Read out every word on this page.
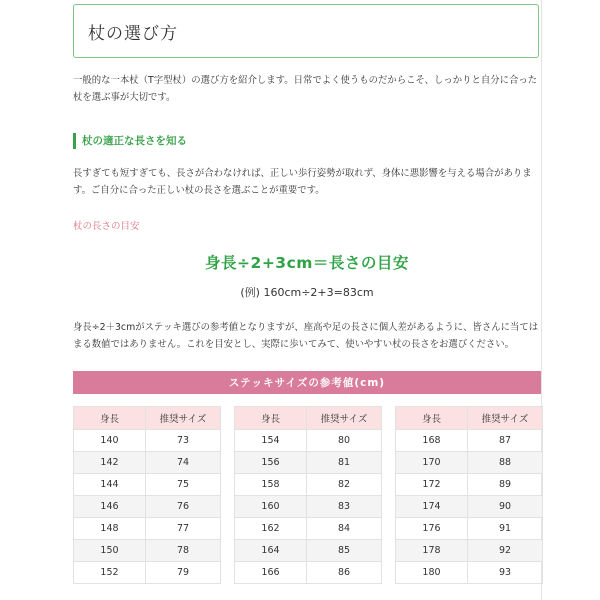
杖の選び方
一般的な一本杖（T字型杖）の選び方を紹介します。日常でよく使うものだからこそ、しっかりと自分に合った杖を選ぶ事が大切です。
杖の適正な長さを知る
長すぎても短すぎても、長さが合わなければ、正しい歩行姿勢が取れず、身体に悪影響を与える場合があります。ご自分に合った正しい杖の長さを選ぶことが重要です。
杖の長さの目安
身長÷2+3cm＝長さの目安
(例) 160cm÷2+3=83cm
身長÷2＋3cmがステッキ選びの参考値となりますが、座高や足の長さに個人差があるように、皆さんに当てはまる数値ではありません。これを目安とし、実際に歩いてみて、使いやすい杖の長さをお選びください。
ステッキサイズの参考値(cm)
身長	推奨サイズ
140	73
142	74
144	75
146	76
148	77
150	78
152	79
身長	推奨サイズ
154	80
156	81
158	82
160	83
162	84
164	85
166	86
身長	推奨サイズ
168	87
170	88
172	89
174	90
176	91
178	92
180	93
